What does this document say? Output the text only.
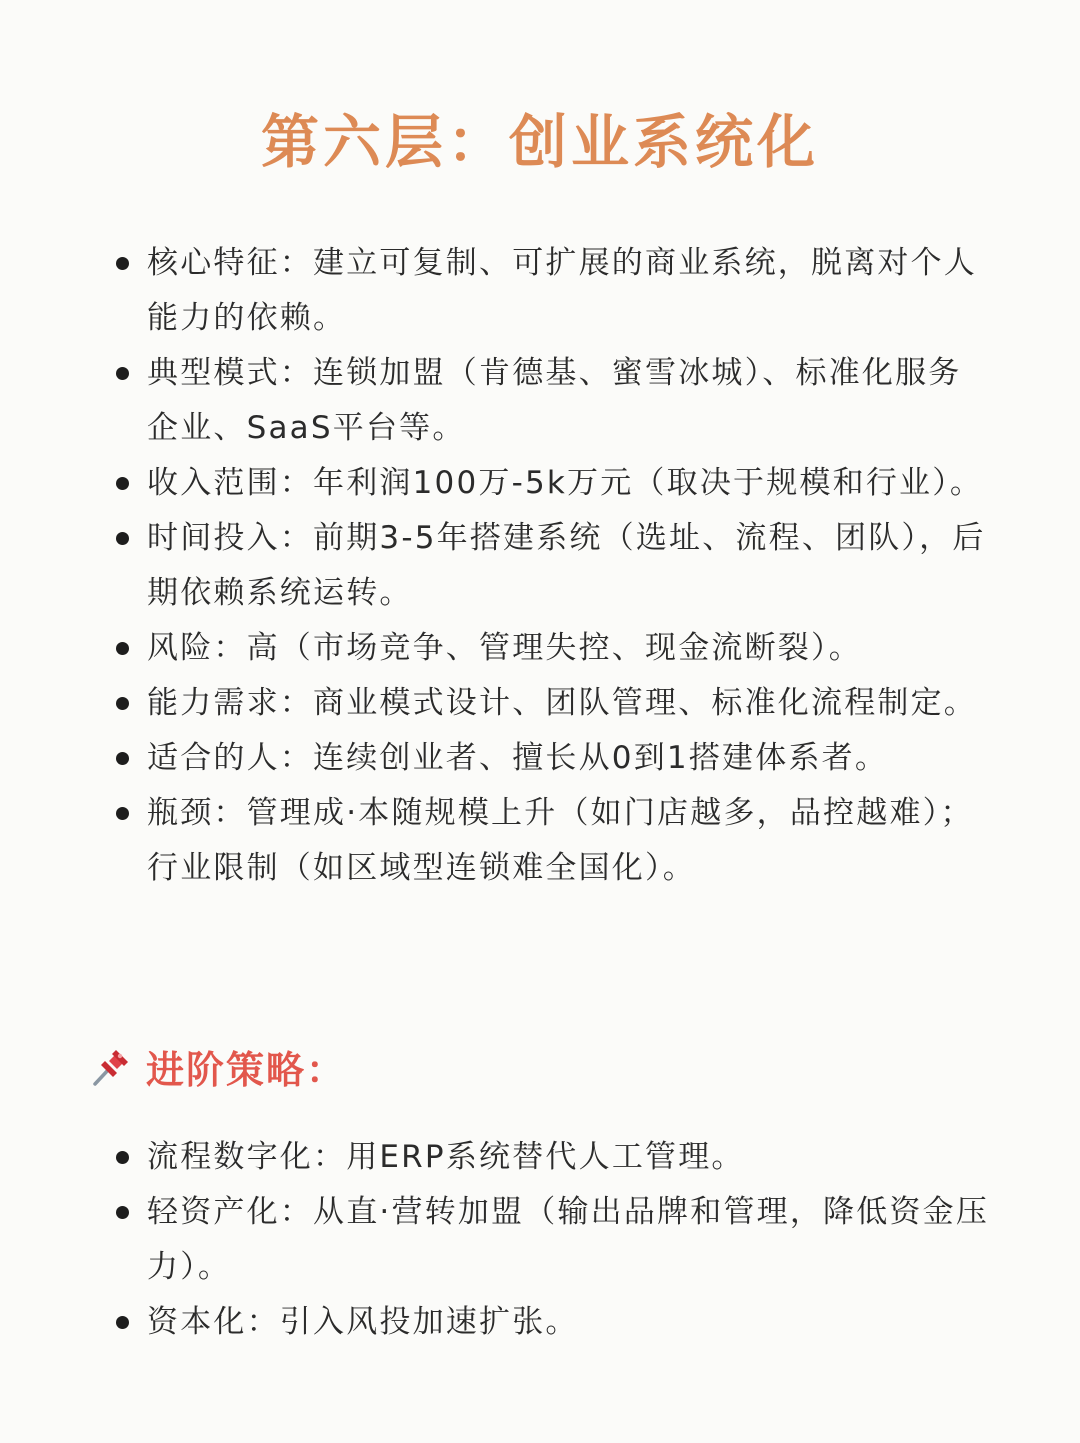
第六层：创业系统化
核心特征：建立可复制、可扩展的商业系统，脱离对个人能力的依赖。
典型模式：连锁加盟（肯德基、蜜雪冰城）、标准化服务企业、SaaS平台等。
收入范围：年利润100万-5k万元（取决于规模和行业）。
时间投入：前期3-5年搭建系统（选址、流程、团队），后期依赖系统运转。
风险：高（市场竞争、管理失控、现金流断裂）。
能力需求：商业模式设计、团队管理、标准化流程制定。
适合的人：连续创业者、擅长从0到1搭建体系者。
瓶颈：管理成·本随规模上升（如门店越多，品控越难）；行业限制（如区域型连锁难全国化）。
进阶策略：
流程数字化：用ERP系统替代人工管理。
轻资产化：从直·营转加盟（输出品牌和管理，降低资金压力）。
资本化：引入风投加速扩张。
